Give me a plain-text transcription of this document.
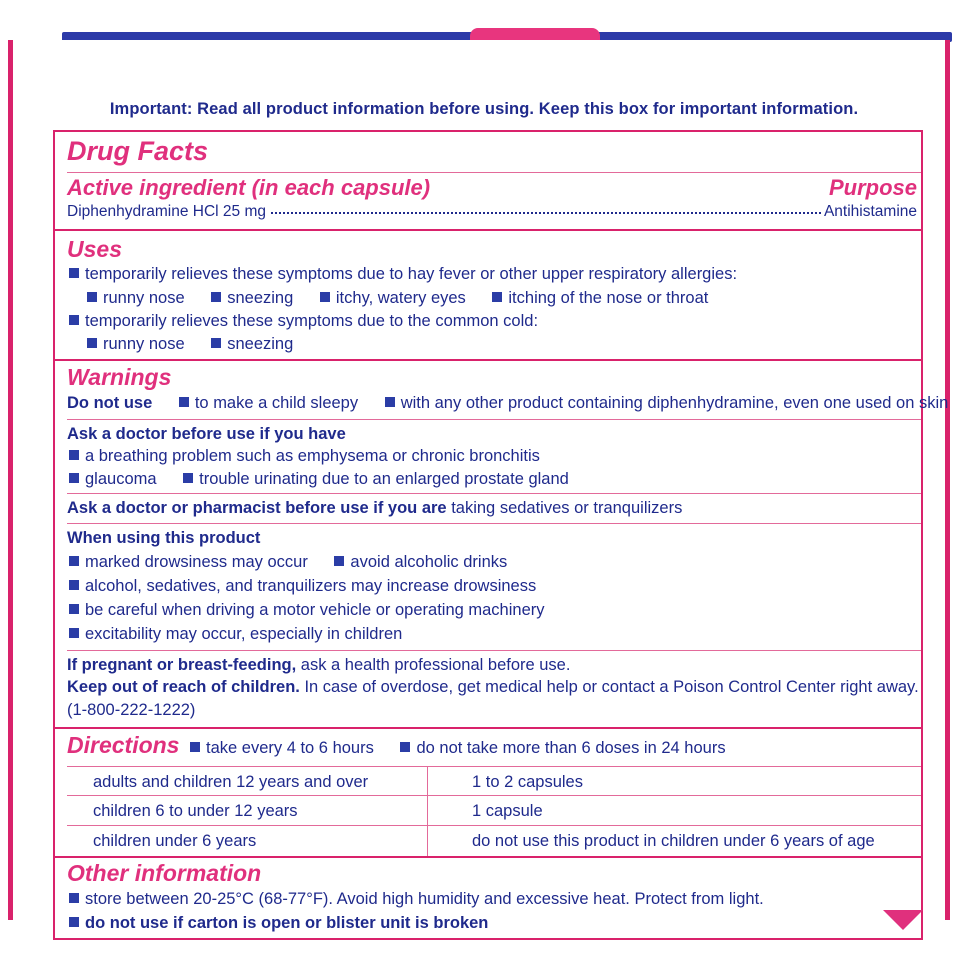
Important: Read all product information before using. Keep this box for important information.
Drug Facts
Active ingredient (in each capsule)	Purpose
Diphenhydramine HCl 25 mg	Antihistamine
Uses
temporarily relieves these symptoms due to hay fever or other upper respiratory allergies:
runny nose	sneezing	itchy, watery eyes	itching of the nose or throat
temporarily relieves these symptoms due to the common cold:
runny nose	sneezing
Warnings
Do not use	to make a child sleepy	with any other product containing diphenhydramine, even one used on skin
Ask a doctor before use if you have
a breathing problem such as emphysema or chronic bronchitis
glaucoma	trouble urinating due to an enlarged prostate gland
Ask a doctor or pharmacist before use if you are taking sedatives or tranquilizers
When using this product
marked drowsiness may occur	avoid alcoholic drinks
alcohol, sedatives, and tranquilizers may increase drowsiness
be careful when driving a motor vehicle or operating machinery
excitability may occur, especially in children
If pregnant or breast-feeding, ask a health professional before use.
Keep out of reach of children. In case of overdose, get medical help or contact a Poison Control Center right away.
(1-800-222-1222)
Directions	take every 4 to 6 hours	do not take more than 6 doses in 24 hours
adults and children 12 years and over	1 to 2 capsules
children 6 to under 12 years	1 capsule
children under 6 years	do not use this product in children under 6 years of age
Other information
store between 20-25°C (68-77°F). Avoid high humidity and excessive heat. Protect from light.
do not use if carton is open or blister unit is broken
